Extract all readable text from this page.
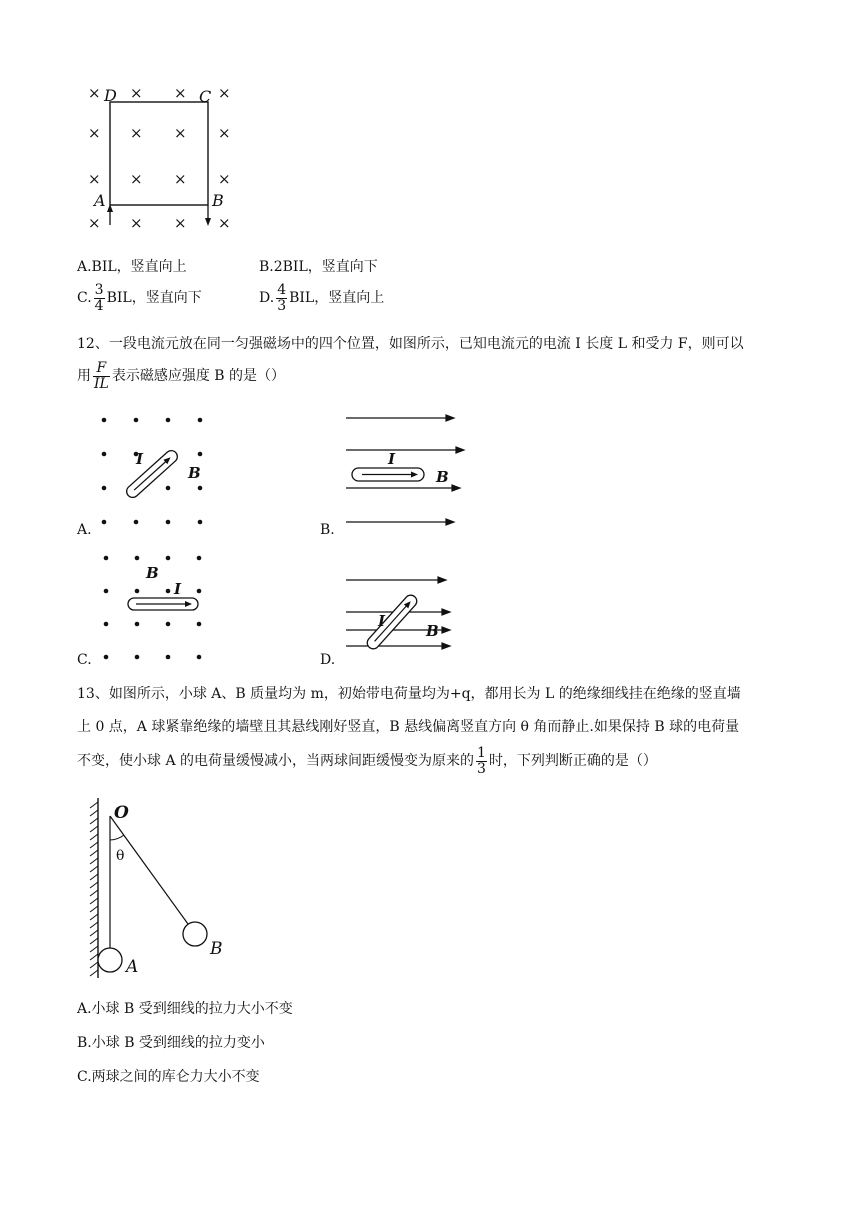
× × × ×
× × × ×
× × × ×
× × × ×
D	C
A	B
A.BIL，竖直向上	B.2BIL，竖直向下
C. $\frac{3}{4}$ BIL，竖直向下	D. $\frac{4}{3}$ BIL，竖直向上
12、一段电流元放在同一匀强磁场中的四个位置，如图所示，已知电流元的电流 I 长度 L 和受力 F，则可以
用 $\frac{F}{IL}$ 表示磁感应强度 B 的是（）
I
B
A.
I
B
B.
B
I
C.
I
B
D.
13、如图所示，小球 A、B 质量均为 m，初始带电荷量均为+q，都用长为 L 的绝缘细线挂在绝缘的竖直墙
上 0 点，A 球紧靠绝缘的墙壁且其悬线刚好竖直，B 悬线偏离竖直方向 θ 角而静止.如果保持 B 球的电荷量
不变，使小球 A 的电荷量缓慢减小，当两球间距缓慢变为原来的 $\frac{1}{3}$ 时，下列判断正确的是（）
O
θ
A
B
A.小球 B 受到细线的拉力大小不变
B.小球 B 受到细线的拉力变小
C.两球之间的库仑力大小不变
